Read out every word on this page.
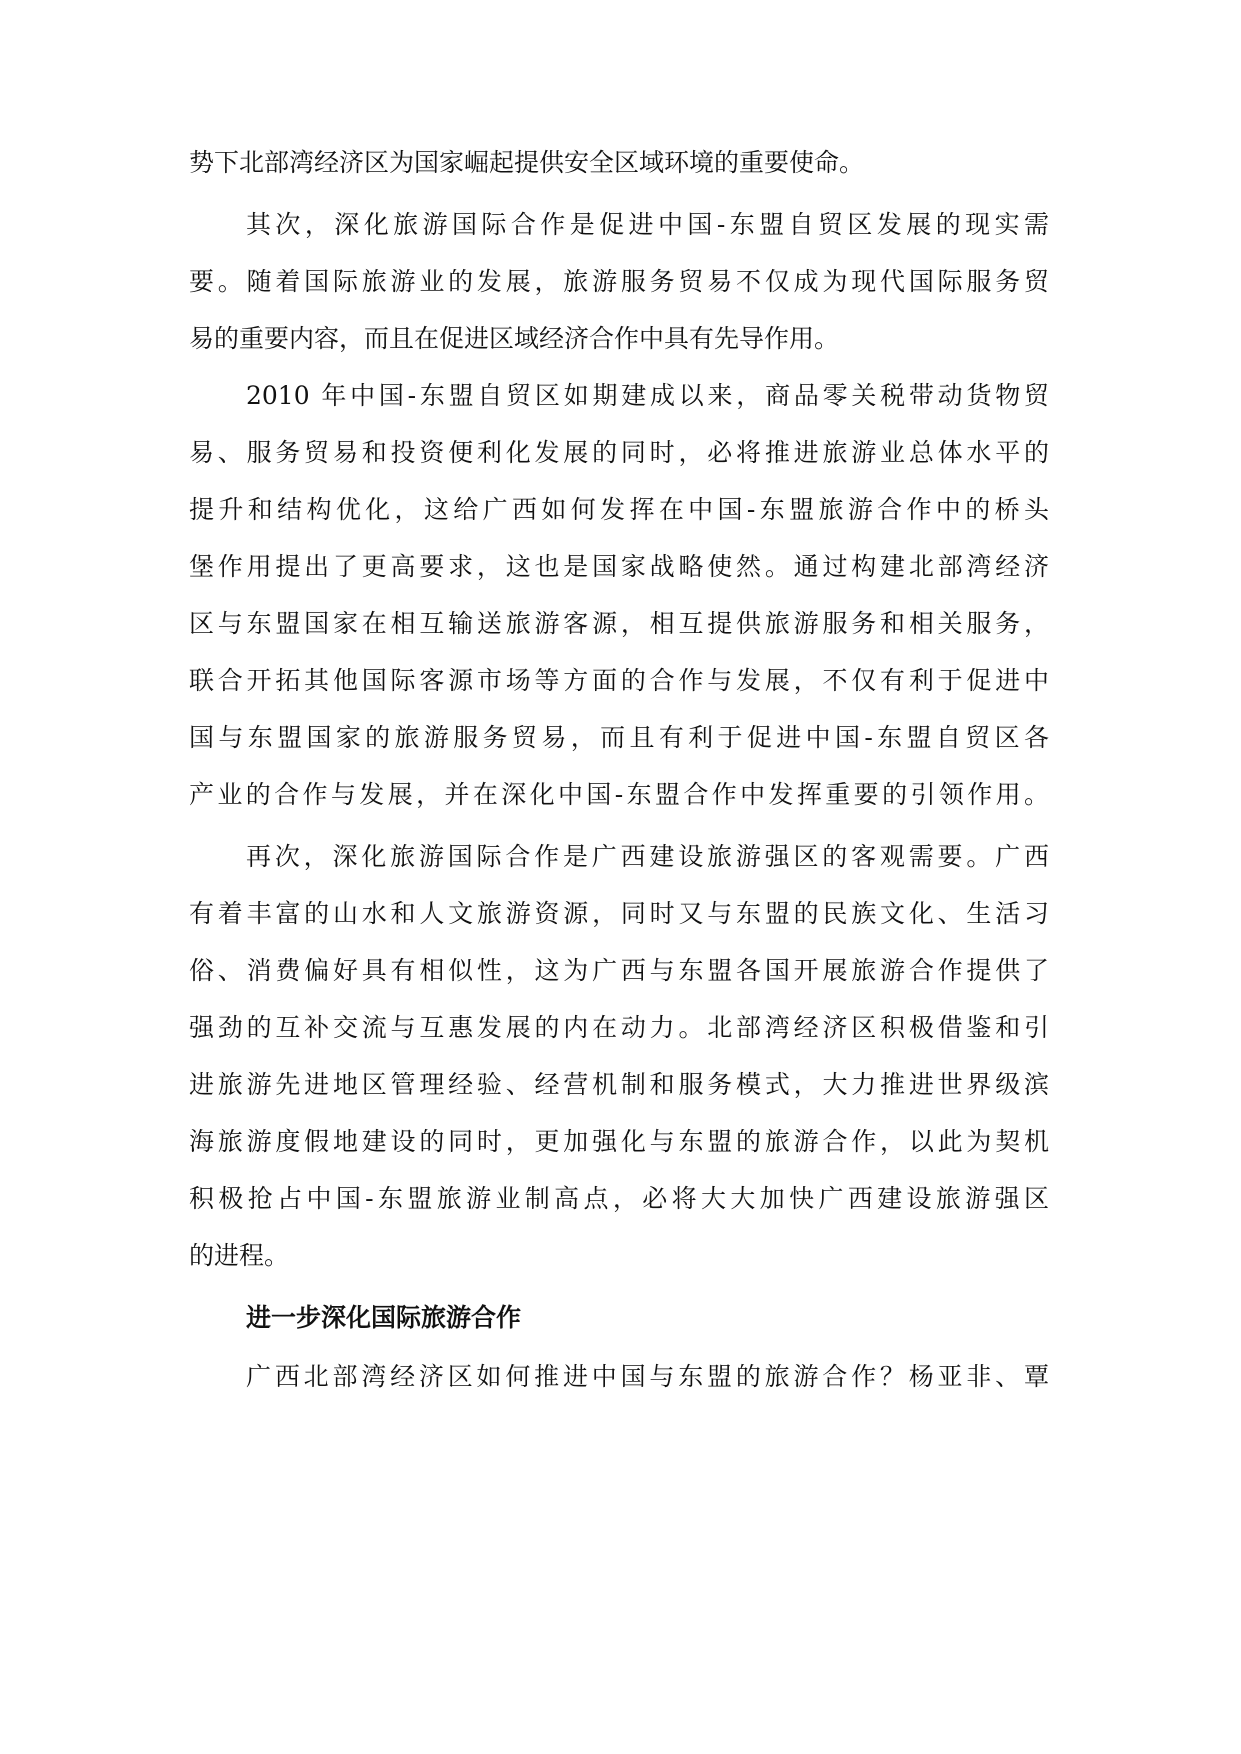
势下北部湾经济区为国家崛起提供安全区域环境的重要使命。
其次，深化旅游国际合作是促进中国-东盟自贸区发展的现实需
要。随着国际旅游业的发展，旅游服务贸易不仅成为现代国际服务贸
易的重要内容，而且在促进区域经济合作中具有先导作用。
2010 年中国-东盟自贸区如期建成以来，商品零关税带动货物贸
易、服务贸易和投资便利化发展的同时，必将推进旅游业总体水平的
提升和结构优化，这给广西如何发挥在中国-东盟旅游合作中的桥头
堡作用提出了更高要求，这也是国家战略使然。通过构建北部湾经济
区与东盟国家在相互输送旅游客源，相互提供旅游服务和相关服务，
联合开拓其他国际客源市场等方面的合作与发展，不仅有利于促进中
国与东盟国家的旅游服务贸易，而且有利于促进中国-东盟自贸区各
产业的合作与发展，并在深化中国-东盟合作中发挥重要的引领作用。
再次，深化旅游国际合作是广西建设旅游强区的客观需要。广西
有着丰富的山水和人文旅游资源，同时又与东盟的民族文化、生活习
俗、消费偏好具有相似性，这为广西与东盟各国开展旅游合作提供了
强劲的互补交流与互惠发展的内在动力。北部湾经济区积极借鉴和引
进旅游先进地区管理经验、经营机制和服务模式，大力推进世界级滨
海旅游度假地建设的同时，更加强化与东盟的旅游合作，以此为契机
积极抢占中国-东盟旅游业制高点，必将大大加快广西建设旅游强区
的进程。
进一步深化国际旅游合作
广西北部湾经济区如何推进中国与东盟的旅游合作？杨亚非、覃
